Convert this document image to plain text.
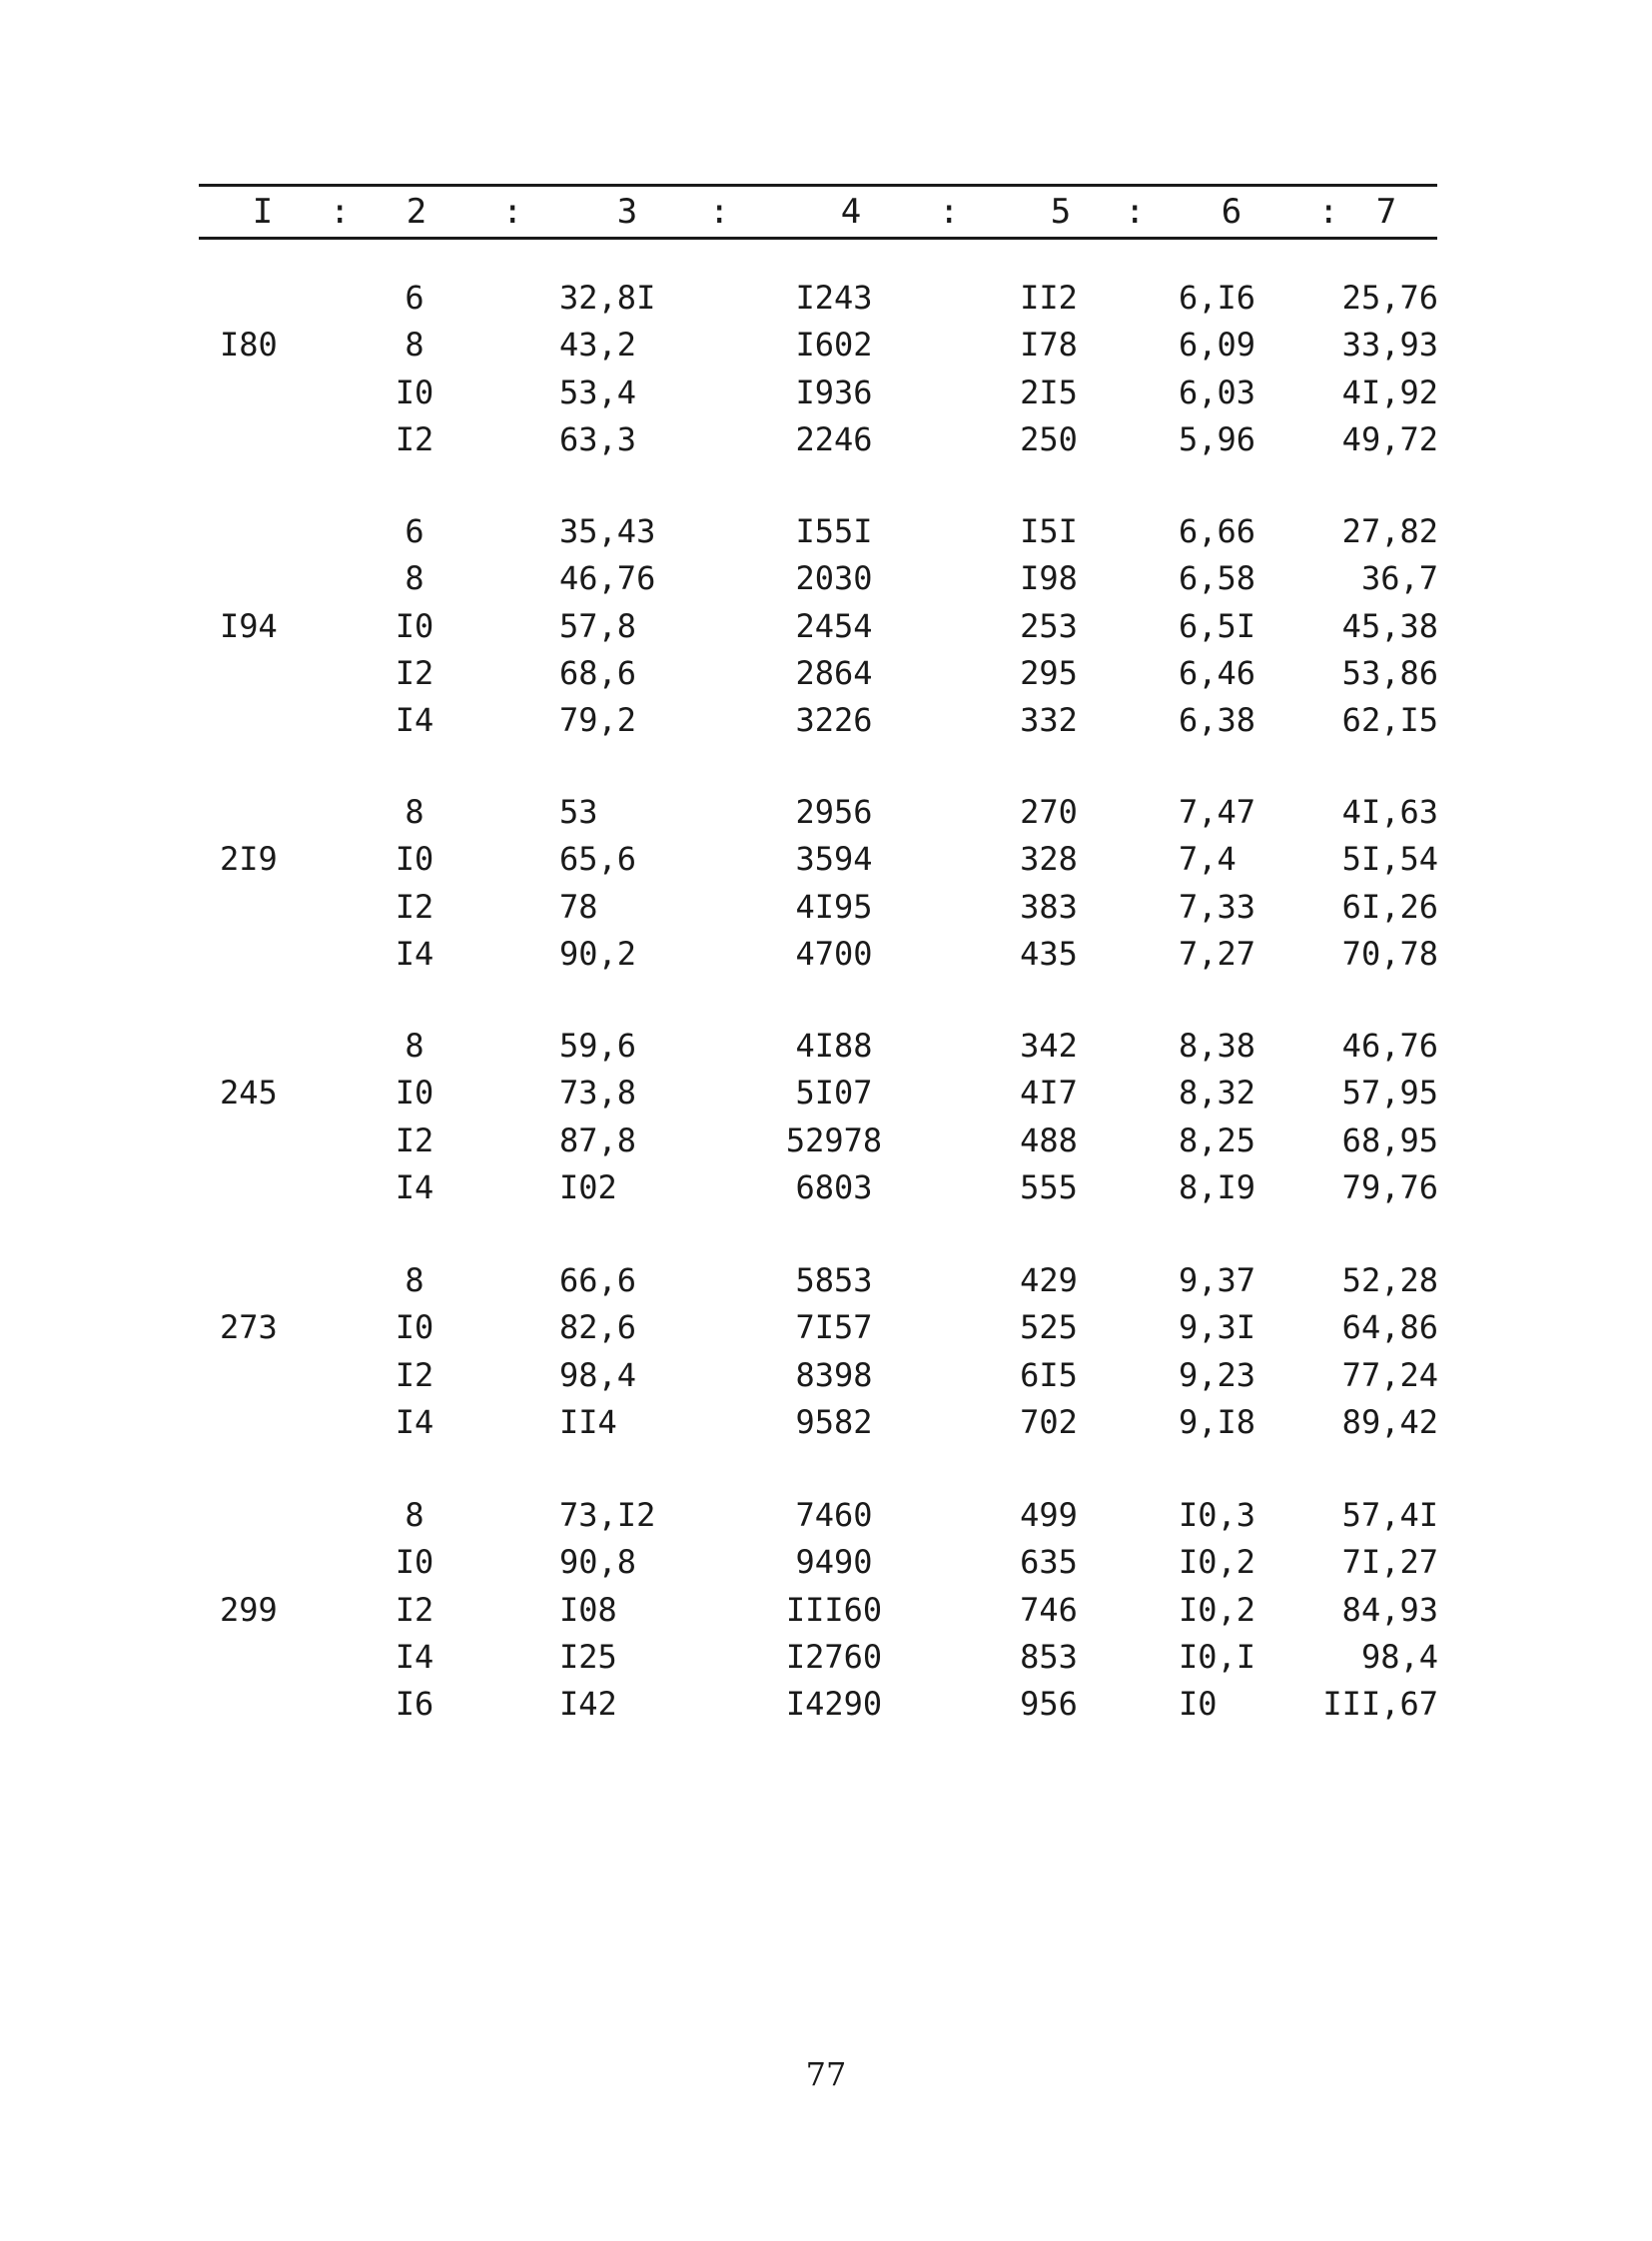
I	:	2	:	3	:	4	:	5	:	6	:	7
I80
6	32,8I	I243	II2	6,I6	25,76
8	43,2	I602	I78	6,09	33,93
I0	53,4	I936	2I5	6,03	4I,92
I2	63,3	2246	250	5,96	49,72
I94
6	35,43	I55I	I5I	6,66	27,82
8	46,76	2030	I98	6,58	36,7
I0	57,8	2454	253	6,5I	45,38
I2	68,6	2864	295	6,46	53,86
I4	79,2	3226	332	6,38	62,I5
2I9
8	53	2956	270	7,47	4I,63
I0	65,6	3594	328	7,4	5I,54
I2	78	4I95	383	7,33	6I,26
I4	90,2	4700	435	7,27	70,78
245
8	59,6	4I88	342	8,38	46,76
I0	73,8	5I07	4I7	8,32	57,95
I2	87,8	52978	488	8,25	68,95
I4	I02	6803	555	8,I9	79,76
273
8	66,6	5853	429	9,37	52,28
I0	82,6	7I57	525	9,3I	64,86
I2	98,4	8398	6I5	9,23	77,24
I4	II4	9582	702	9,I8	89,42
299
8	73,I2	7460	499	I0,3	57,4I
I0	90,8	9490	635	I0,2	7I,27
I2	I08	III60	746	I0,2	84,93
I4	I25	I2760	853	I0,I	98,4
I6	I42	I4290	956	I0	III,67
77
